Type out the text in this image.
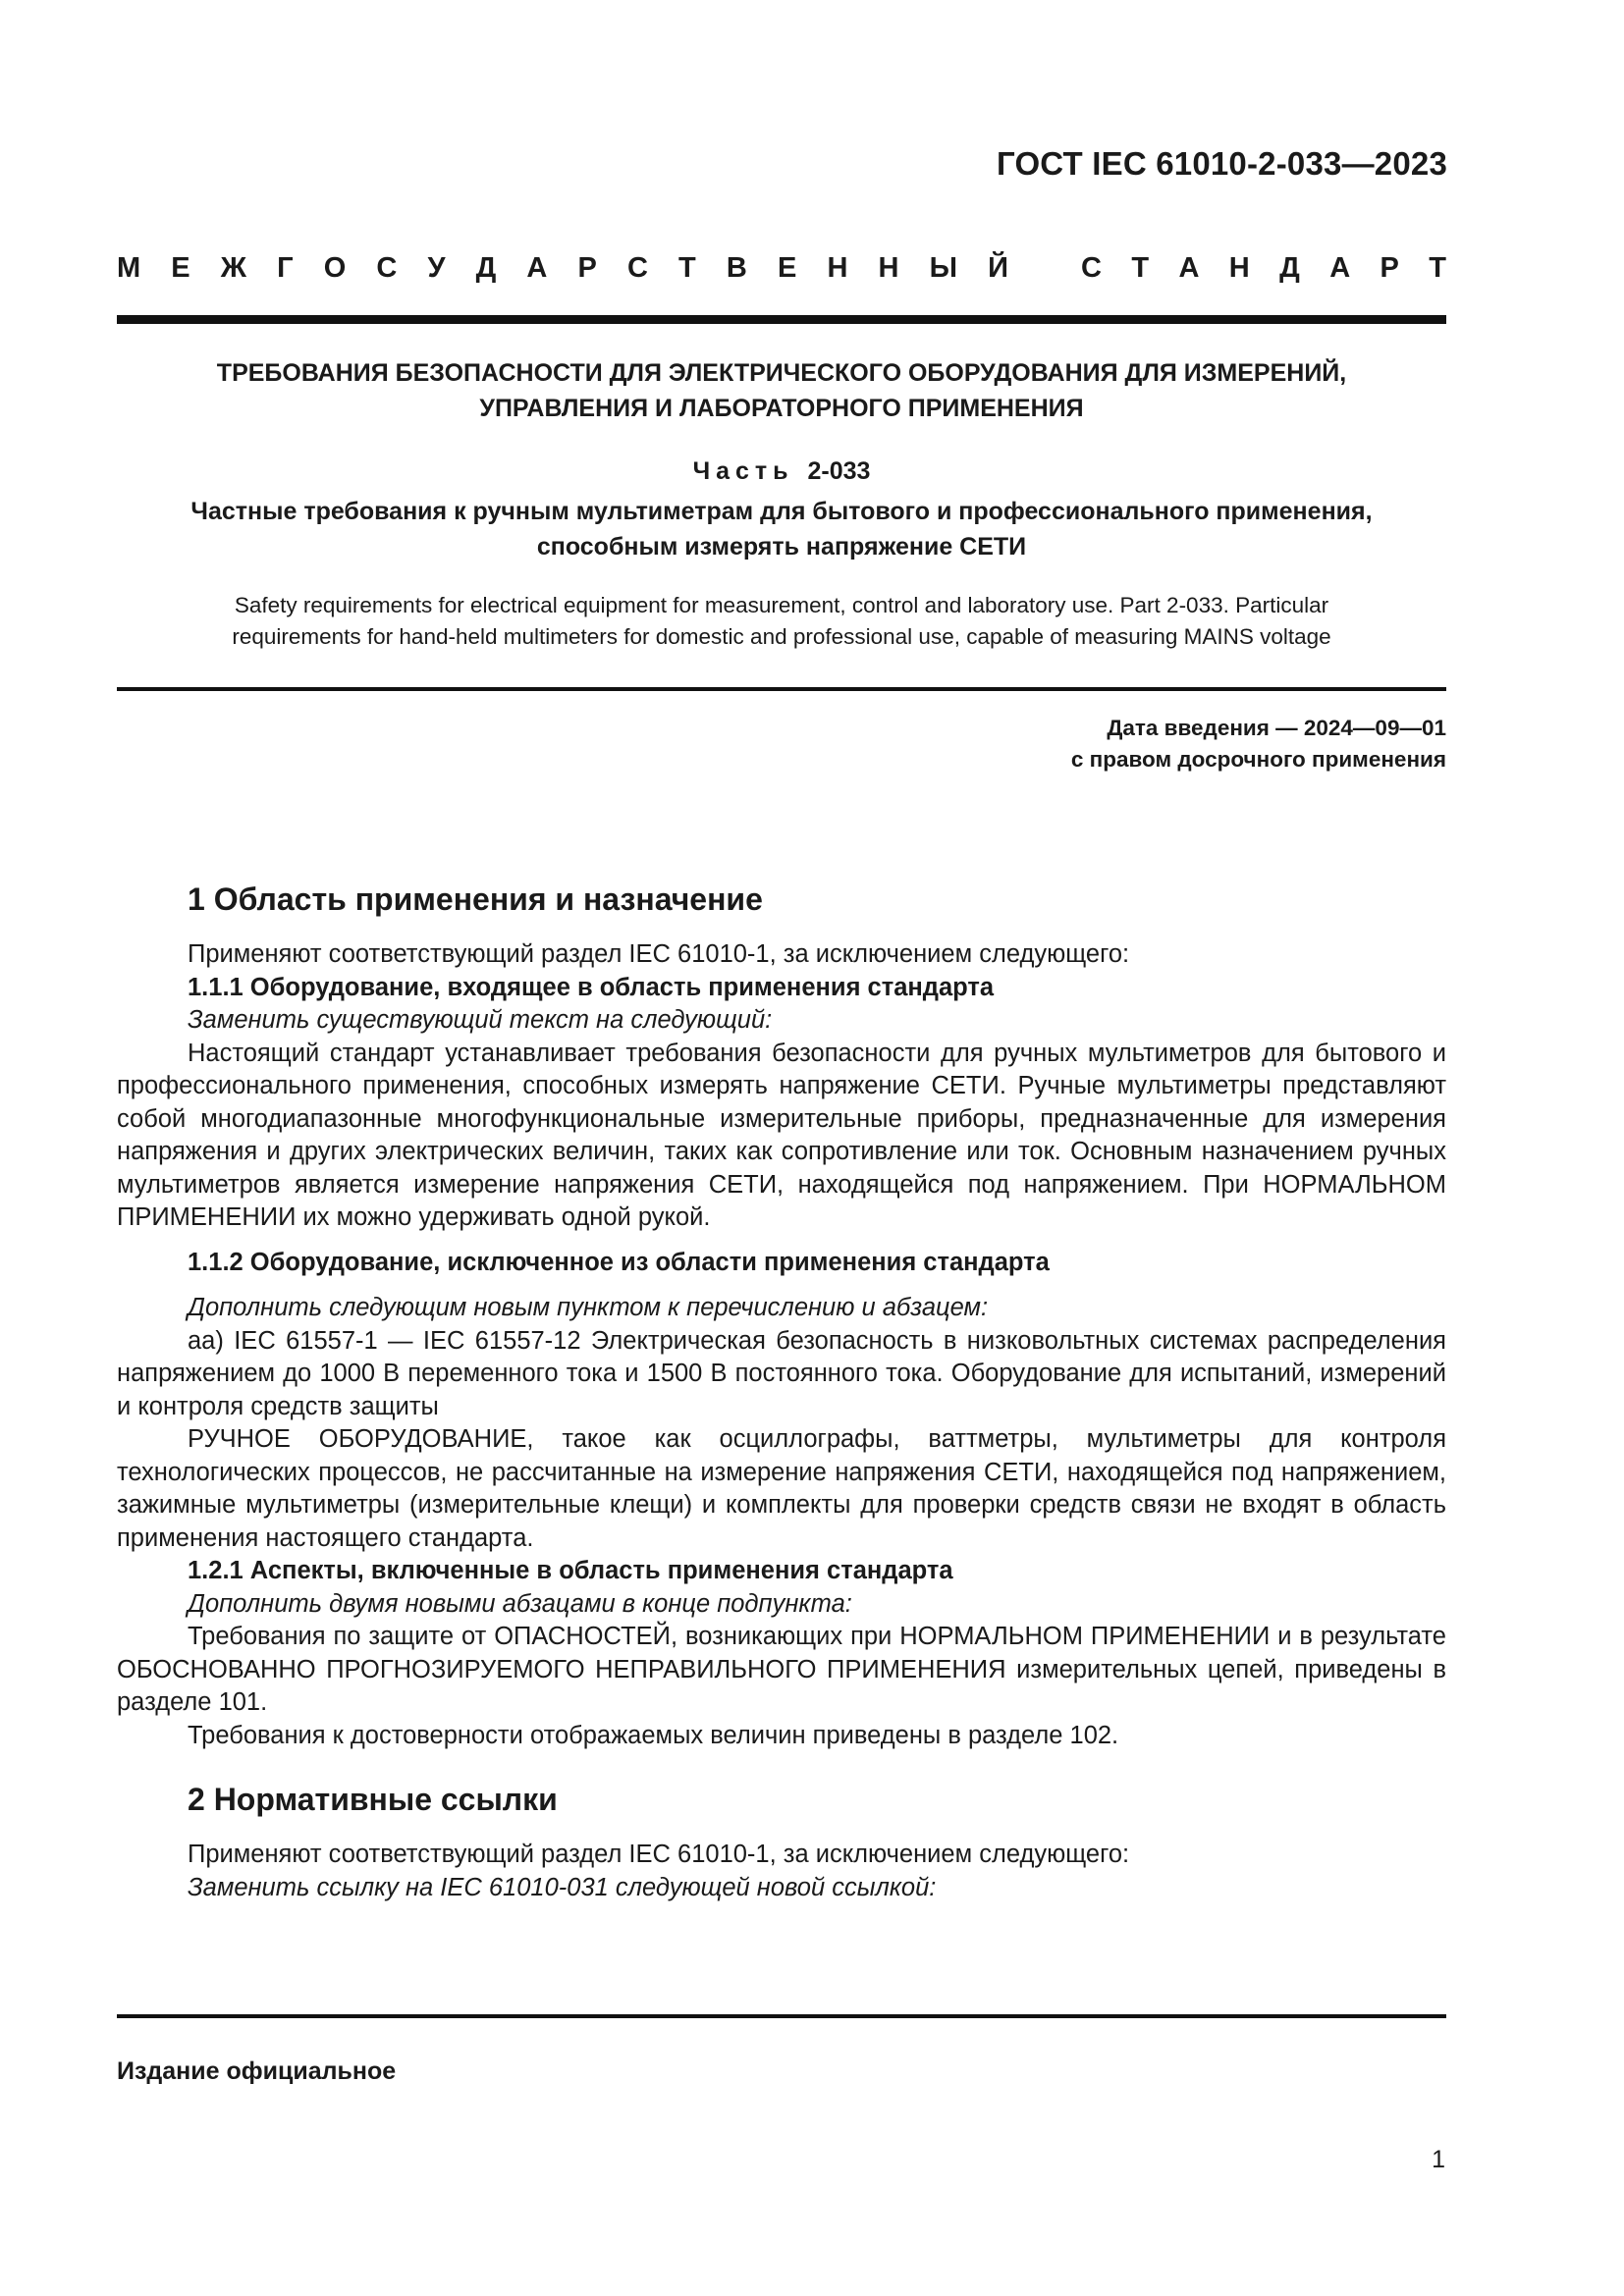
ГОСТ IEC 61010-2-033—2023
М Е Ж Г О С У Д А Р С Т В Е Н Н Ы Й	С Т А Н Д А Р Т
ТРЕБОВАНИЯ БЕЗОПАСНОСТИ ДЛЯ ЭЛЕКТРИЧЕСКОГО ОБОРУДОВАНИЯ ДЛЯ ИЗМЕРЕНИЙ,
УПРАВЛЕНИЯ И ЛАБОРАТОРНОГО ПРИМЕНЕНИЯ
Часть 2-033
Частные требования к ручным мультиметрам для бытового и профессионального применения,
способным измерять напряжение СЕТИ
Safety requirements for electrical equipment for measurement, control and laboratory use. Part 2-033. Particular
requirements for hand-held multimeters for domestic and professional use, capable of measuring MAINS voltage
Дата введения — 2024—09—01
с правом досрочного применения
1 Область применения и назначение

Применяют соответствующий раздел IEC 61010-1, за исключением следующего:

1.1.1 Оборудование, входящее в область применения стандарта

Заменить существующий текст на следующий:

Настоящий стандарт устанавливает требования безопасности для ручных мультиметров для бытового и профессионального применения, способных измерять напряжение СЕТИ. Ручные мультиметры представляют собой многодиапазонные многофункциональные измерительные приборы, предназначенные для измерения напряжения и других электрических величин, таких как сопротивление или ток. Основным назначением ручных мультиметров является измерение напряжения СЕТИ, находящейся под напряжением. При НОРМАЛЬНОМ ПРИМЕНЕНИИ их можно удерживать одной рукой.

1.1.2 Оборудование, исключенное из области применения стандарта

Дополнить следующим новым пунктом к перечислению и абзацем:

аа) IEC 61557-1 — IEC 61557-12 Электрическая безопасность в низковольтных системах распределения напряжением до 1000 В переменного тока и 1500 В постоянного тока. Оборудование для испытаний, измерений и контроля средств защиты

РУЧНОЕ ОБОРУДОВАНИЕ, такое как осциллографы, ваттметры, мультиметры для контроля технологических процессов, не рассчитанные на измерение напряжения СЕТИ, находящейся под напряжением, зажимные мультиметры (измерительные клещи) и комплекты для проверки средств связи не входят в область применения настоящего стандарта.

1.2.1 Аспекты, включенные в область применения стандарта

Дополнить двумя новыми абзацами в конце подпункта:

Требования по защите от ОПАСНОСТЕЙ, возникающих при НОРМАЛЬНОМ ПРИМЕНЕНИИ и в результате ОБОСНОВАННО ПРОГНОЗИРУЕМОГО НЕПРАВИЛЬНОГО ПРИМЕНЕНИЯ измерительных цепей, приведены в разделе 101.

Требования к достоверности отображаемых величин приведены в разделе 102.

2 Нормативные ссылки

Применяют соответствующий раздел IEC 61010-1, за исключением следующего:

Заменить ссылку на IEC 61010-031 следующей новой ссылкой:

Издание официальное
1
